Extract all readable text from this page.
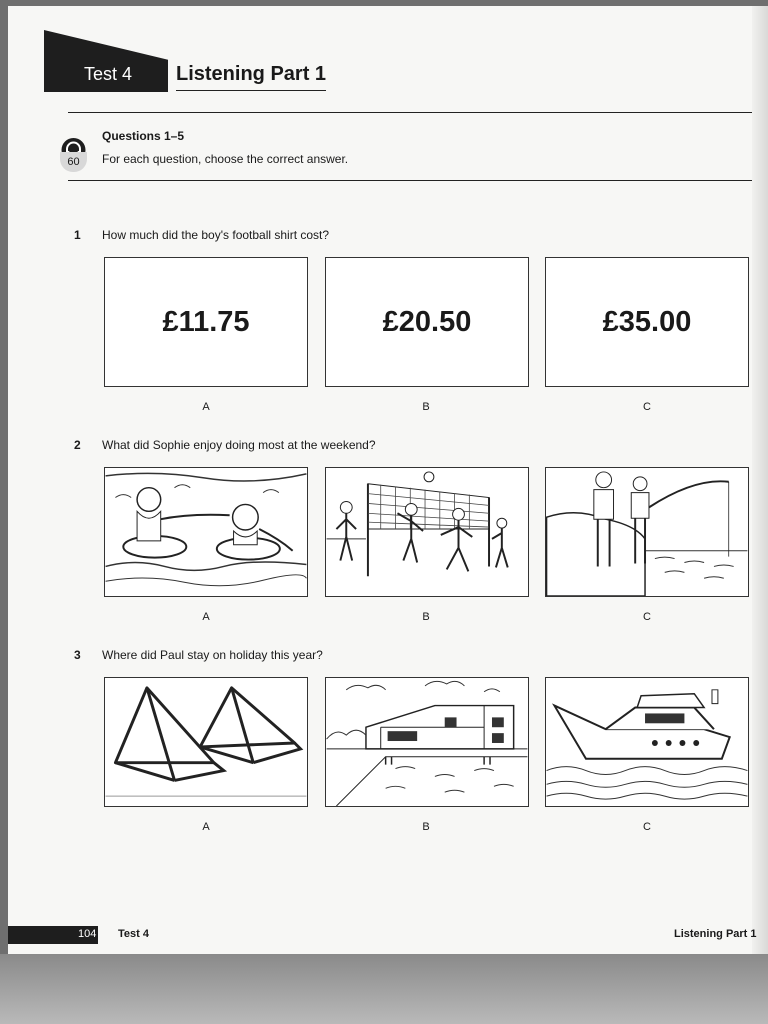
Test 4 Listening Part 1
60
Questions 1–5
For each question, choose the correct answer.
1 How much did the boy's football shirt cost?
£11.75	£20.50	£35.00
A	B	C
2 What did Sophie enjoy doing most at the weekend?
A	B	C
3 Where did Paul stay on holiday this year?
A	B	C
104 Test 4	Listening Part 1
